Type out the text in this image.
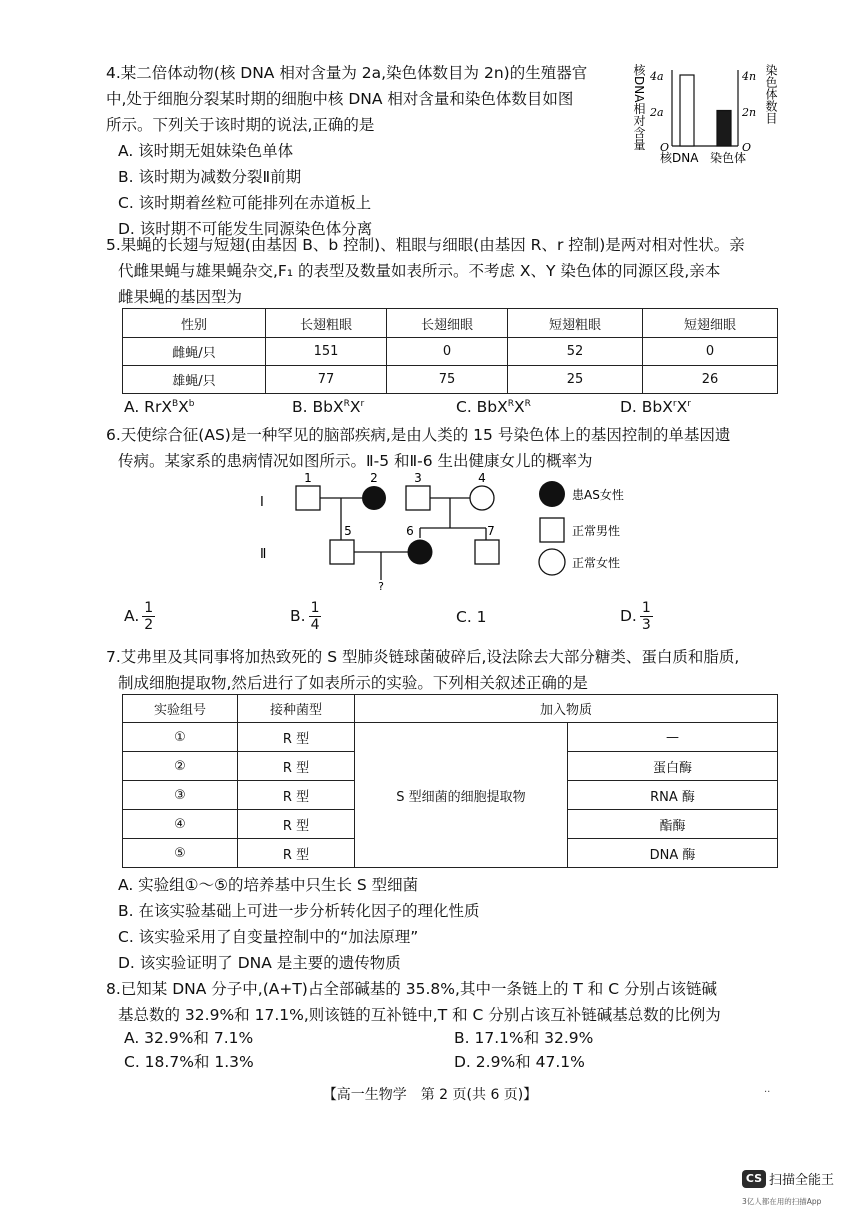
4.某二倍体动物(核 DNA 相对含量为 2a,染色体数目为 2n)的生殖器官
中,处于细胞分裂某时期的细胞中核 DNA 相对含量和染色体数目如图
所示。下列关于该时期的说法,正确的是
A. 该时期无姐妹染色单体
B. 该时期为减数分裂Ⅱ前期
C. 该时期着丝粒可能排列在赤道板上
D. 该时期不可能发生同源染色体分离
核DNA相对含量	染色体数目
4a
2a
O
4n
2n
O
核DNA 染色体
5.果蝇的长翅与短翅(由基因 B、b 控制)、粗眼与细眼(由基因 R、r 控制)是两对相对性状。亲
代雌果蝇与雄果蝇杂交,F₁ 的表型及数量如表所示。不考虑 X、Y 染色体的同源区段,亲本
雌果蝇的基因型为
性别	长翅粗眼	长翅细眼	短翅粗眼	短翅细眼
雌蝇/只	151	0	52	0
雄蝇/只	77	75	25	26
A. $RrX^BX^b$	B. $BbX^RX^r$	C. $BbX^RX^R$	D. $BbX^rX^r$
6.天使综合征(AS)是一种罕见的脑部疾病,是由人类的 15 号染色体上的基因控制的单基因遗
传病。某家系的患病情况如图所示。Ⅱ-5 和Ⅱ-6 生出健康女儿的概率为
I
Ⅱ
1	2	3	4
5	6	7
?
患AS女性
正常男性
正常女性
A. $\frac{1}{2}$	B. $\frac{1}{4}$	C. 1	D. $\frac{1}{3}$
7.艾弗里及其同事将加热致死的 S 型肺炎链球菌破碎后,设法除去大部分糖类、蛋白质和脂质,
制成细胞提取物,然后进行了如表所示的实验。下列相关叙述正确的是
实验组号	接种菌型	加入物质	
①	R 型	S 型细菌的细胞提取物	—
②	R 型		蛋白酶
③	R 型		RNA 酶
④	R 型		酯酶
⑤	R 型		DNA 酶
A. 实验组①～⑤的培养基中只生长 S 型细菌
B. 在该实验基础上可进一步分析转化因子的理化性质
C. 该实验采用了自变量控制中的“加法原理”
D. 该实验证明了 DNA 是主要的遗传物质
8.已知某 DNA 分子中,(A+T)占全部碱基的 35.8%,其中一条链上的 T 和 C 分别占该链碱
基总数的 32.9%和 17.1%,则该链的互补链中,T 和 C 分别占该互补链碱基总数的比例为
A. 32.9%和 7.1%	B. 17.1%和 32.9%
C. 18.7%和 1.3%	D. 2.9%和 47.1%
【高一生物学　第 2 页(共 6 页)】	..
CS 扫描全能王
3亿人都在用的扫描App
